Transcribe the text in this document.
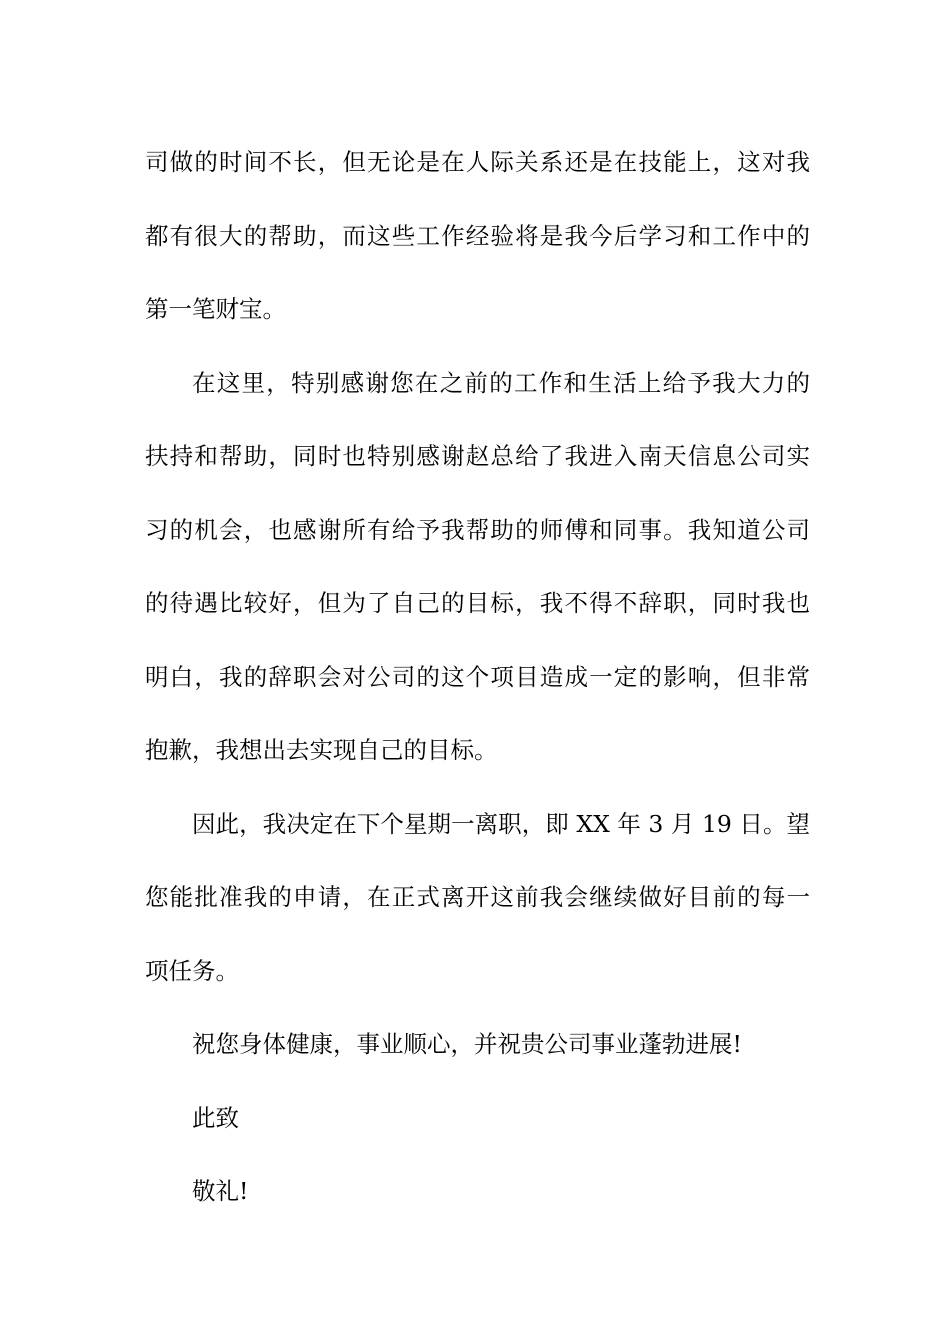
司做的时间不长，但无论是在人际关系还是在技能上，这对我
都有很大的帮助，而这些工作经验将是我今后学习和工作中的
第一笔财宝。

在这里，特别感谢您在之前的工作和生活上给予我大力的
扶持和帮助，同时也特别感谢赵总给了我进入南天信息公司实
习的机会，也感谢所有给予我帮助的师傅和同事。我知道公司
的待遇比较好，但为了自己的目标，我不得不辞职，同时我也
明白，我的辞职会对公司的这个项目造成一定的影响，但非常
抱歉，我想出去实现自己的目标。

因此，我决定在下个星期一离职，即 XX 年 3 月 19 日。望
您能批准我的申请，在正式离开这前我会继续做好目前的每一
项任务。

祝您身体健康，事业顺心，并祝贵公司事业蓬勃进展!

此致

敬礼!
